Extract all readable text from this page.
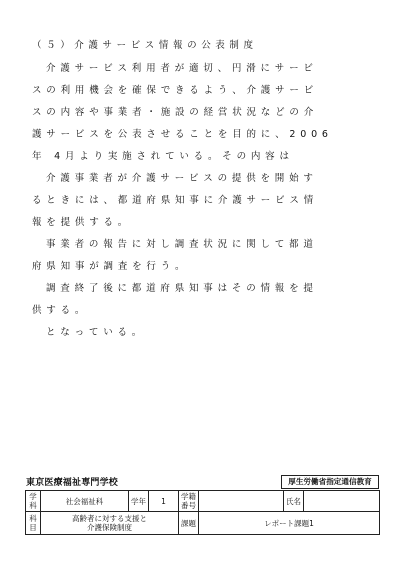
（５）介護サービス情報の公表制度
介護サービス利用者が適切、円滑にサービ
スの利用機会を確保できるよう、介護サービ
スの内容や事業者・施設の経営状況などの介
護サービスを公表させることを目的に、2006
年 4月より実施されている。その内容は
介護事業者が介護サービスの提供を開始す
るときには、都道府県知事に介護サービス情
報を提供する。
事業者の報告に対し調査状況に関して都道
府県知事が調査を行う。
調査終了後に都道府県知事はその情報を提
供する。
となっている。
東京医療福祉専門学校	厚生労働省指定通信教育
学科	社会福祉科	学年	1	学籍番号		氏名	
科目	高齢者に対する支援と
介護保険制度			課題	レポート課題1		
